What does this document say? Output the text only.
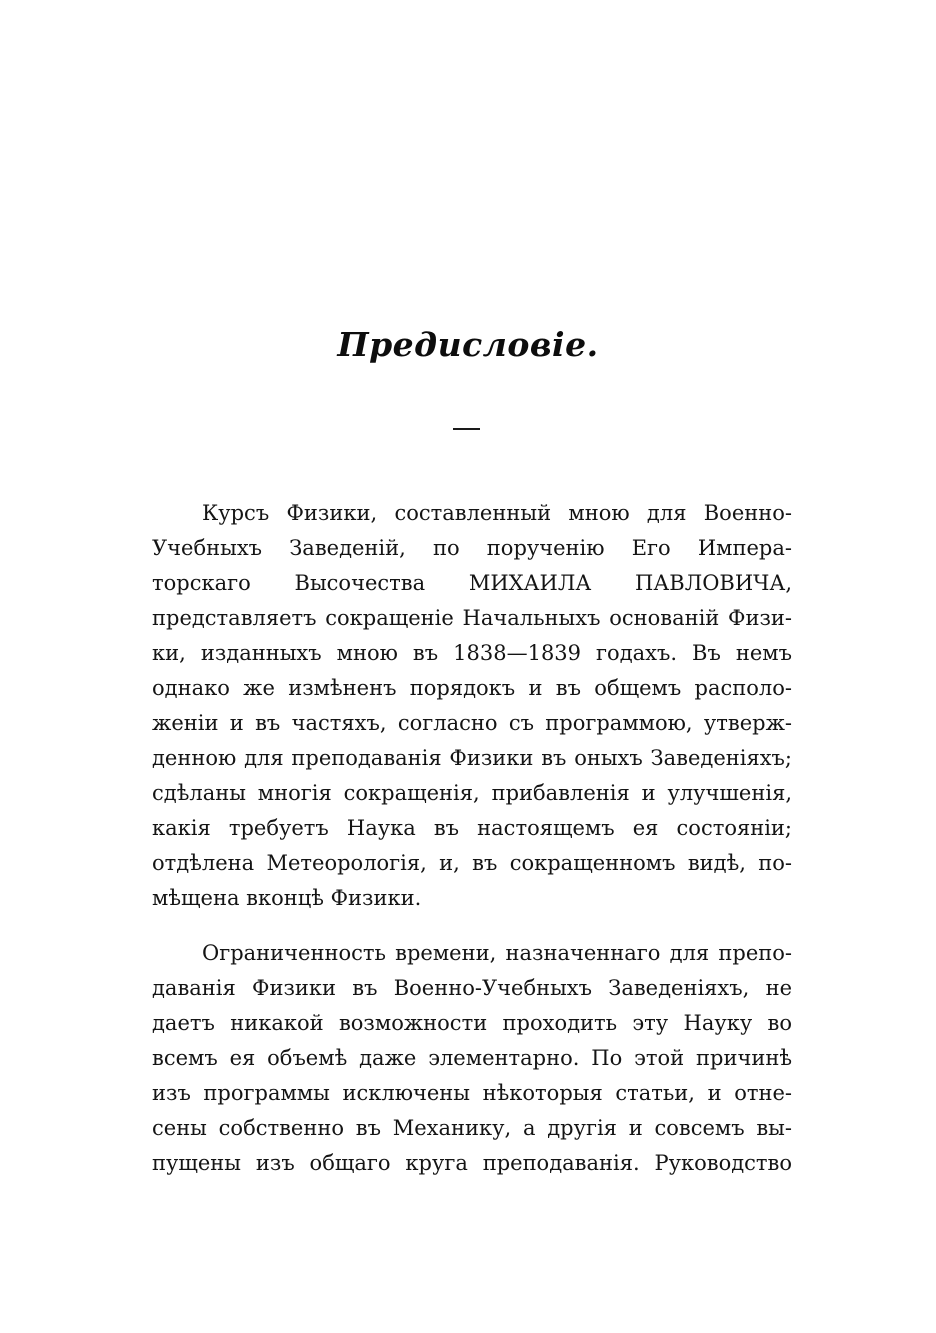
Предисловіе.
Курсъ Физики, составленный мною для Военно-
Учебныхъ Заведеній, по порученію Его Импера-
торскаго Высочества МИХАИЛА ПАВЛОВИЧА,
представляетъ сокращеніе Начальныхъ основаній Физи-
ки, изданныхъ мною въ 1838—1839 годахъ. Въ немъ
однако же измѣненъ порядокъ и въ общемъ располо-
женіи и въ частяхъ, согласно съ программою, утверж-
денною для преподаванія Физики въ оныхъ Заведеніяхъ;
сдѣланы многія сокращенія, прибавленія и улучшенія,
какія требуетъ Наука въ настоящемъ ея состояніи;
отдѣлена Метеорологія, и, въ сокращенномъ видѣ, по-
мѣщена вконцѣ Физики.
Ограниченность времени, назначеннаго для препо-
даванія Физики въ Военно-Учебныхъ Заведеніяхъ, не
даетъ никакой возможности проходить эту Науку во
всемъ ея объемѣ даже элементарно. По этой причинѣ
изъ программы исключены нѣкоторыя статьи, и отне-
сены собственно въ Механику, а другія и совсемъ вы-
пущены изъ общаго круга преподаванія. Руководство
